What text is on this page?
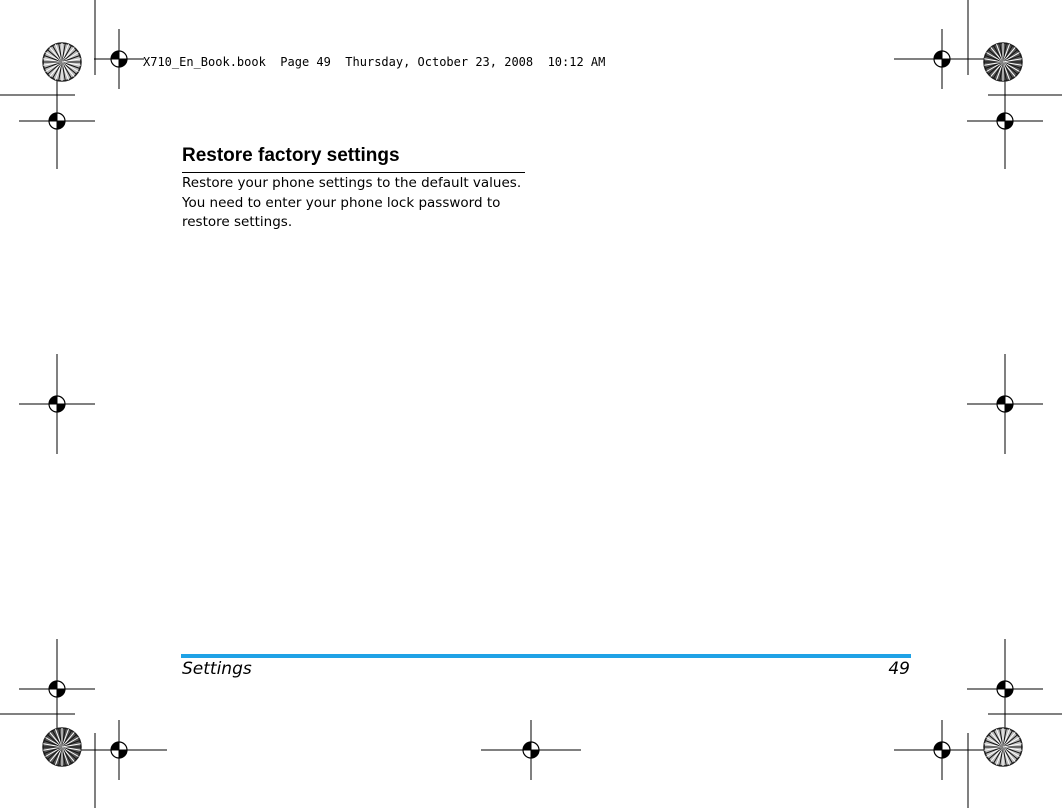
X710_En_Book.book  Page 49  Thursday, October 23, 2008  10:12 AM
Restore factory settings

Restore your phone settings to the default values. You need to enter your phone lock password to restore settings.

Settings	49
